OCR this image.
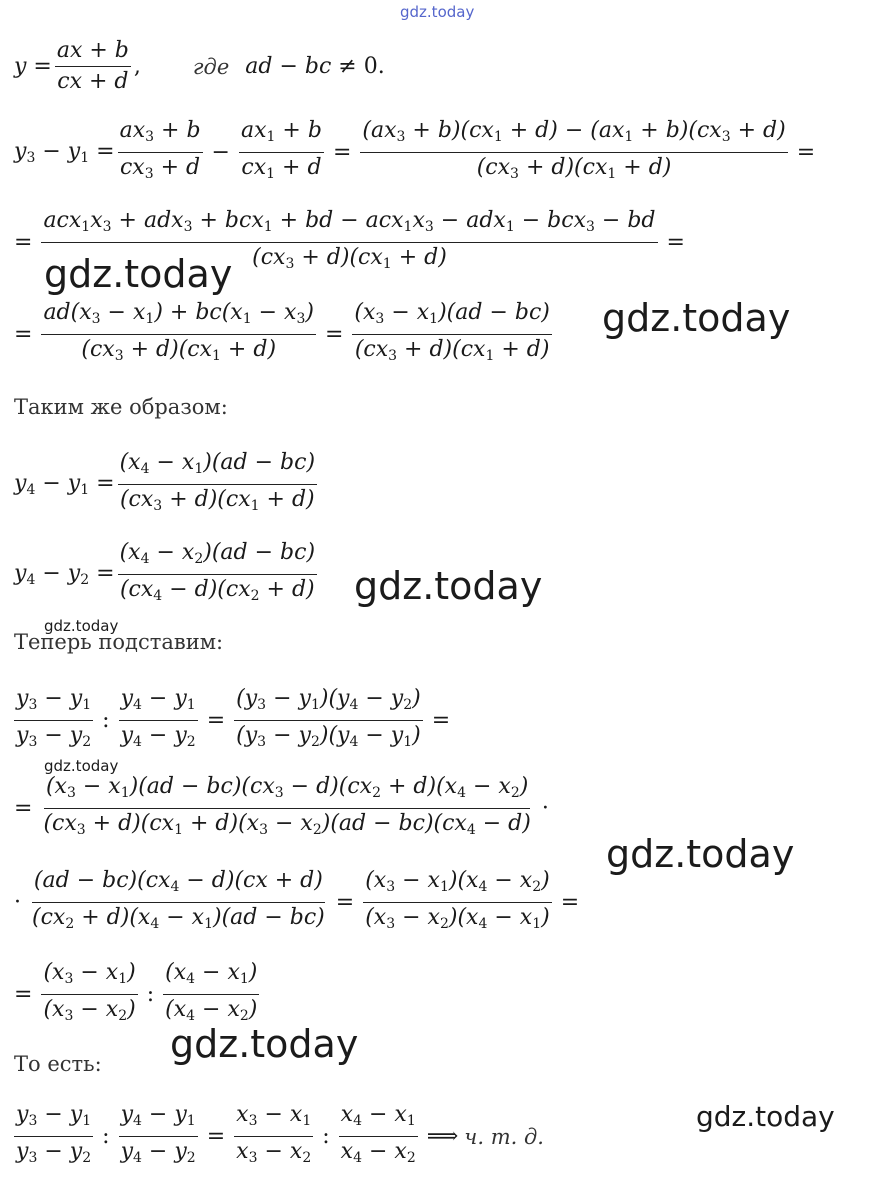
gdz.today
$y = \frac{ax + b}{cx + d}$ , где ad − bc ≠ 0.
$y_3 - y_1 = \frac{ax_3 + b}{cx_3 + d} - \frac{ax_1 + b}{cx_1 + d} = \frac{(ax_3 + b)(cx_1 + d) - (ax_1 + b)(cx_3 + d)}{(cx_3 + d)(cx_1 + d)}$ =
= $\frac{acx_1x_3 + adx_3 + bcx_1 + bd - acx_1x_3 - adx_1 - bcx_3 - bd}{(cx_3 + d)(cx_1 + d)}$ =
gdz.today
= $\frac{ad(x_3 - x_1) + bc(x_1 - x_3)}{(cx_3 + d)(cx_1 + d)} = \frac{(x_3 - x_1)(ad - bc)}{(cx_3 + d)(cx_1 + d)}$ gdz.today
Таким же образом:
$y_4 - y_1 = \frac{(x_4 - x_1)(ad - bc)}{(cx_3 + d)(cx_1 + d)}$
$y_4 - y_2 = \frac{(x_4 - x_2)(ad - bc)}{(cx_4 - d)(cx_2 + d)}$ gdz.today
gdz.today
Теперь подставим:
$\frac{y_3 - y_1}{y_3 - y_2}$ : $\frac{y_4 - y_1}{y_4 - y_2} = \frac{(y_3 - y_1)(y_4 - y_2)}{(y_3 - y_2)(y_4 - y_1)}$ =
gdz.today
= $\frac{(x_3 - x_1)(ad - bc)(cx_3 - d)(cx_2 + d)(x_4 - x_2)}{(cx_3 + d)(cx_1 + d)(x_3 - x_2)(ad - bc)(cx_4 - d)}$ ·
gdz.today
· $\frac{(ad - bc)(cx_4 - d)(cx + d)}{(cx_2 + d)(x_4 - x_1)(ad - bc)} = \frac{(x_3 - x_1)(x_4 - x_2)}{(x_3 - x_2)(x_4 - x_1)}$ =
= $\frac{(x_3 - x_1)}{(x_3 - x_2)}$ : $\frac{(x_4 - x_1)}{(x_4 - x_2)}$
gdz.today
То есть:
$\frac{y_3 - y_1}{y_3 - y_2}$ : $\frac{y_4 - y_1}{y_4 - y_2} = \frac{x_3 - x_1}{x_3 - x_2}$ : $\frac{x_4 - x_1}{x_4 - x_2}$ ⟹ ч. т. д.
gdz.today
